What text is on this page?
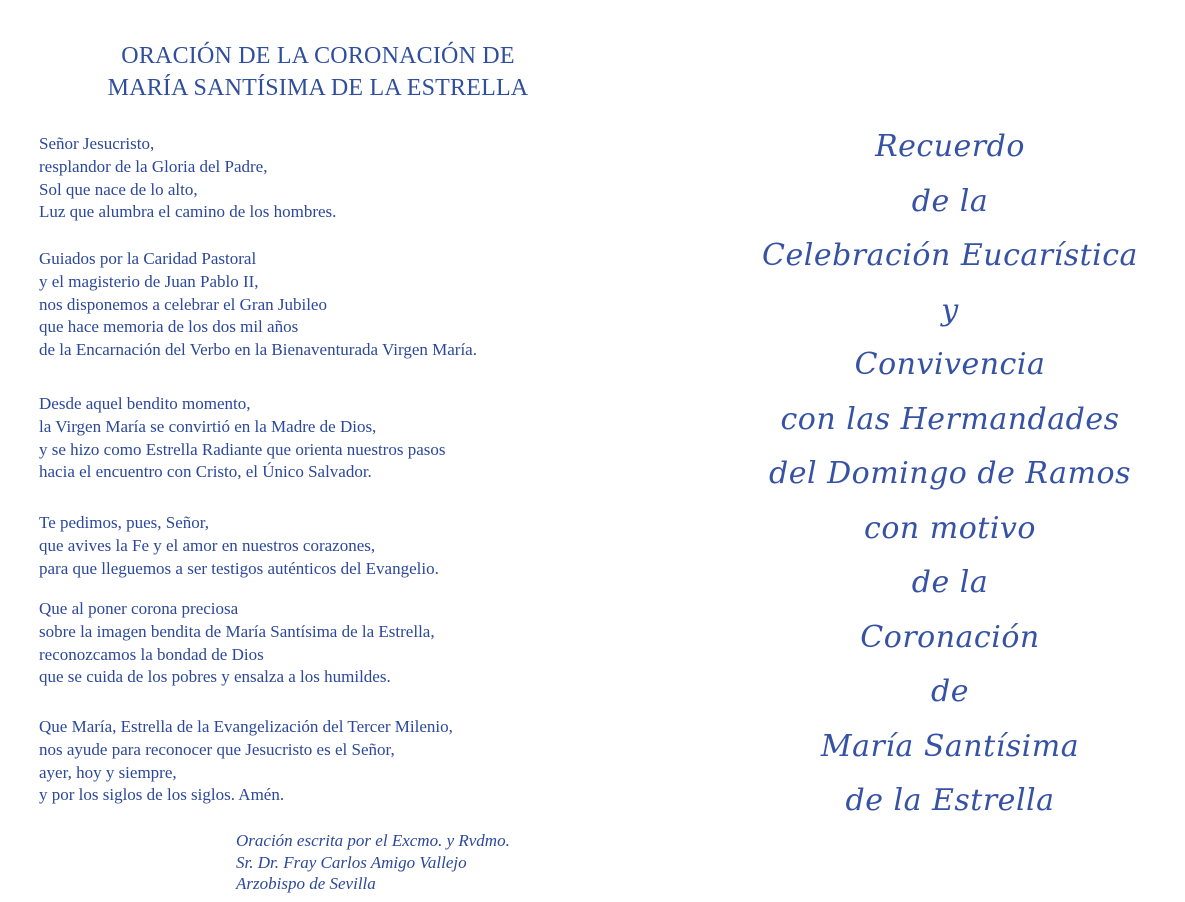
ORACIÓN DE LA CORONACIÓN DE
MARÍA SANTÍSIMA DE LA ESTRELLA
Señor Jesucristo,
resplandor de la Gloria del Padre,
Sol que nace de lo alto,
Luz que alumbra el camino de los hombres.
Guiados por la Caridad Pastoral
y el magisterio de Juan Pablo II,
nos disponemos a celebrar el Gran Jubileo
que hace memoria de los dos mil años
de la Encarnación del Verbo en la Bienaventurada Virgen María.
Desde aquel bendito momento,
la Virgen María se convirtió en la Madre de Dios,
y se hizo como Estrella Radiante que orienta nuestros pasos
hacia el encuentro con Cristo, el Único Salvador.
Te pedimos, pues, Señor,
que avives la Fe y el amor en nuestros corazones,
para que lleguemos a ser testigos auténticos del Evangelio.
Que al poner corona preciosa
sobre la imagen bendita de María Santísima de la Estrella,
reconozcamos la bondad de Dios
que se cuida de los pobres y ensalza a los humildes.
Que María, Estrella de la Evangelización del Tercer Milenio,
nos ayude para reconocer que Jesucristo es el Señor,
ayer, hoy y siempre,
y por los siglos de los siglos. Amén.
Oración escrita por el Excmo. y Rvdmo.
Sr. Dr. Fray Carlos Amigo Vallejo
Arzobispo de Sevilla
Recuerdo
de la
Celebración Eucarística
y
Convivencia
con las Hermandades
del Domingo de Ramos
con motivo
de la
Coronación
de
María Santísima
de la Estrella
